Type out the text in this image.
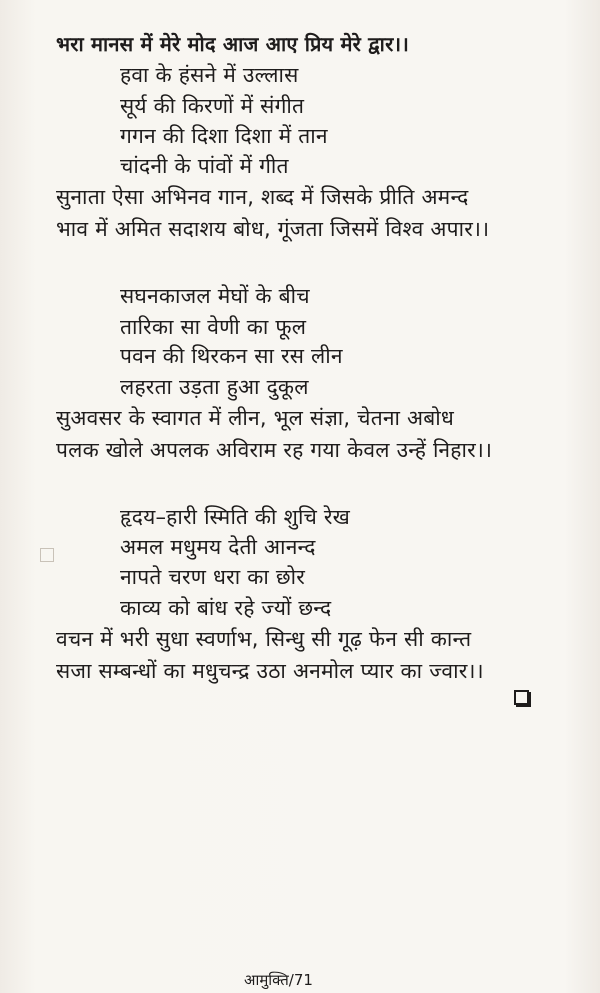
भरा मानस में मेरे मोद आज आए प्रिय मेरे द्वार।।
हवा के हंसने में उल्लास
सूर्य की किरणों में संगीत
गगन की दिशा दिशा में तान
चांदनी के पांवों में गीत
सुनाता ऐसा अभिनव गान, शब्द में जिसके प्रीति अमन्द
भाव में अमित सदाशय बोध, गूंजता जिसमें विश्व अपार।।
सघनकाजल मेघों के बीच
तारिका सा वेणी का फूल
पवन की थिरकन सा रस लीन
लहरता उड़ता हुआ दुकूल
सुअवसर के स्वागत में लीन, भूल संज्ञा, चेतना अबोध
पलक खोले अपलक अविराम रह गया केवल उन्हें निहार।।
हृदय–हारी स्मिति की शुचि रेख
अमल मधुमय देती आनन्द
नापते चरण धरा का छोर
काव्य को बांध रहे ज्यों छन्द
वचन में भरी सुधा स्वर्णाभ, सिन्धु सी गूढ़ फेन सी कान्त
सजा सम्बन्धों का मधुचन्द्र उठा अनमोल प्यार का ज्वार।।
आमुक्ति/71
